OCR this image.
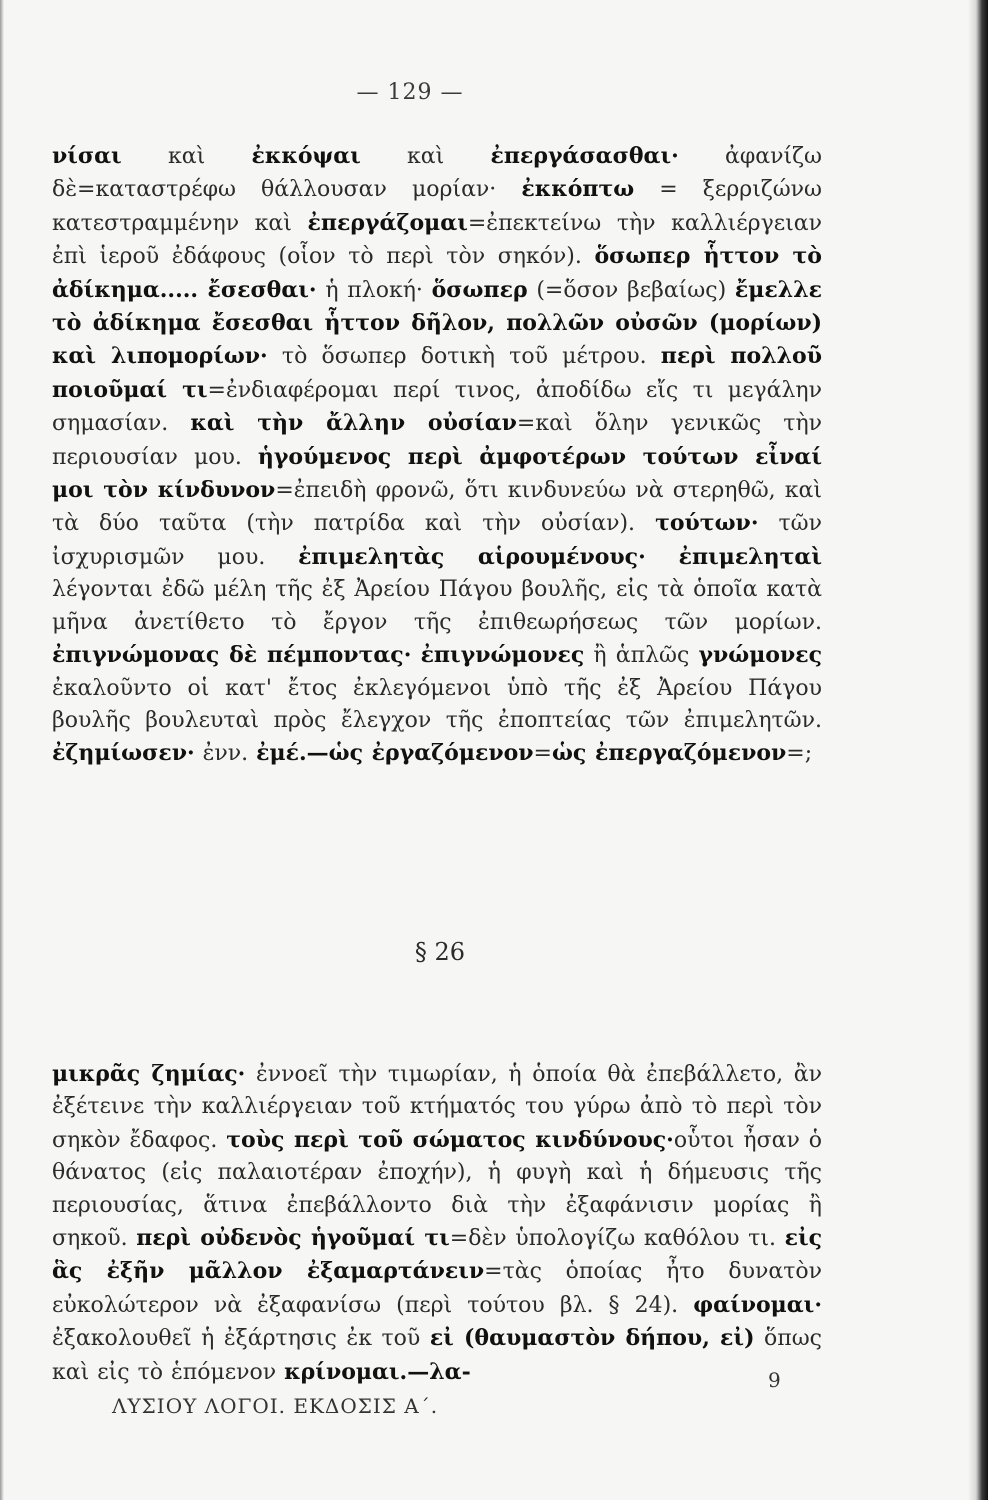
— 129 —

νίσαι καὶ ἐκκόψαι καὶ ἐπεργάσασθαι· ἀφανίζω δὲ=καταστρέφω θάλλουσαν μορίαν· ἐκκόπτω = ξερριζώνω κατεστραμμένην καὶ ἐπεργάζομαι=ἐπεκτείνω τὴν καλλιέργειαν ἐπὶ ἱεροῦ ἐδάφους (οἷον τὸ περὶ τὸν σηκόν). ὅσωπερ ἧττον τὸ ἀδίκημα..... ἔσεσθαι· ἡ πλοκή· ὅσωπερ (=ὅσον βεβαίως) ἔμελλε τὸ ἀδίκημα ἔσεσθαι ἧττον δῆλον, πολλῶν οὐσῶν (μορίων) καὶ λιπομορίων· τὸ ὅσωπερ δοτικὴ τοῦ μέτρου. περὶ πολλοῦ ποιοῦμαί τι=ἐνδιαφέρομαι περί τινος, ἀποδίδω εἴς τι μεγάλην σημασίαν. καὶ τὴν ἄλλην οὐσίαν=καὶ ὅλην γενικῶς τὴν περιουσίαν μου. ἡγούμενος περὶ ἀμφοτέρων τούτων εἶναί μοι τὸν κίνδυνον=ἐπειδὴ φρονῶ, ὅτι κινδυνεύω νὰ στερηθῶ, καὶ τὰ δύο ταῦτα (τὴν πατρίδα καὶ τὴν οὐσίαν). τούτων· τῶν ἰσχυρισμῶν μου. ἐπιμελητὰς αἱρουμένους· ἐπιμεληταὶ λέγονται ἐδῶ μέλη τῆς ἐξ Ἀρείου Πάγου βουλῆς, εἰς τὰ ὁποῖα κατὰ μῆνα ἀνετίθετο τὸ ἔργον τῆς ἐπιθεωρήσεως τῶν μορίων. ἐπιγνώμονας δὲ πέμποντας· ἐπιγνώμονες ἢ ἁπλῶς γνώμονες ἐκαλοῦντο οἱ κατ' ἔτος ἐκλεγόμενοι ὑπὸ τῆς ἐξ Ἀρείου Πάγου βουλῆς βουλευταὶ πρὸς ἔλεγχον τῆς ἐποπτείας τῶν ἐπιμελητῶν. ἐζημίωσεν· ἐνν. ἐμέ.—ὡς ἐργαζόμενον=ὡς ἐπεργαζόμενον=;

§ 26

μικρᾶς ζημίας· ἐννοεῖ τὴν τιμωρίαν, ἡ ὁποία θὰ ἐπεβάλλετο, ἂν ἐξέτεινε τὴν καλλιέργειαν τοῦ κτήματός του γύρω ἀπὸ τὸ περὶ τὸν σηκὸν ἔδαφος. τοὺς περὶ τοῦ σώματος κινδύνους·οὗτοι ἦσαν ὁ θάνατος (εἰς παλαιοτέραν ἐποχήν), ἡ φυγὴ καὶ ἡ δήμευσις τῆς περιουσίας, ἅτινα ἐπεβάλλοντο διὰ τὴν ἐξαφάνισιν μορίας ἢ σηκοῦ. περὶ οὐδενὸς ἡγοῦμαί τι=δὲν ὑπολογίζω καθόλου τι. εἰς ἃς ἐξῆν μᾶλλον ἐξαμαρτάνειν=τὰς ὁποίας ἦτο δυνατὸν εὐκολώτερον νὰ ἐξαφανίσω (περὶ τούτου βλ. § 24). φαίνομαι· ἐξακολουθεῖ ἡ ἐξάρτησις ἐκ τοῦ εἰ (θαυμαστὸν δήπου, εἰ) ὅπως καὶ εἰς τὸ ἑπόμενον κρίνομαι.—λα-

ΛΥΣΙΟΥ ΛΟΓΟΙ. ΕΚΔΟΣΙΣ Α΄.
9
